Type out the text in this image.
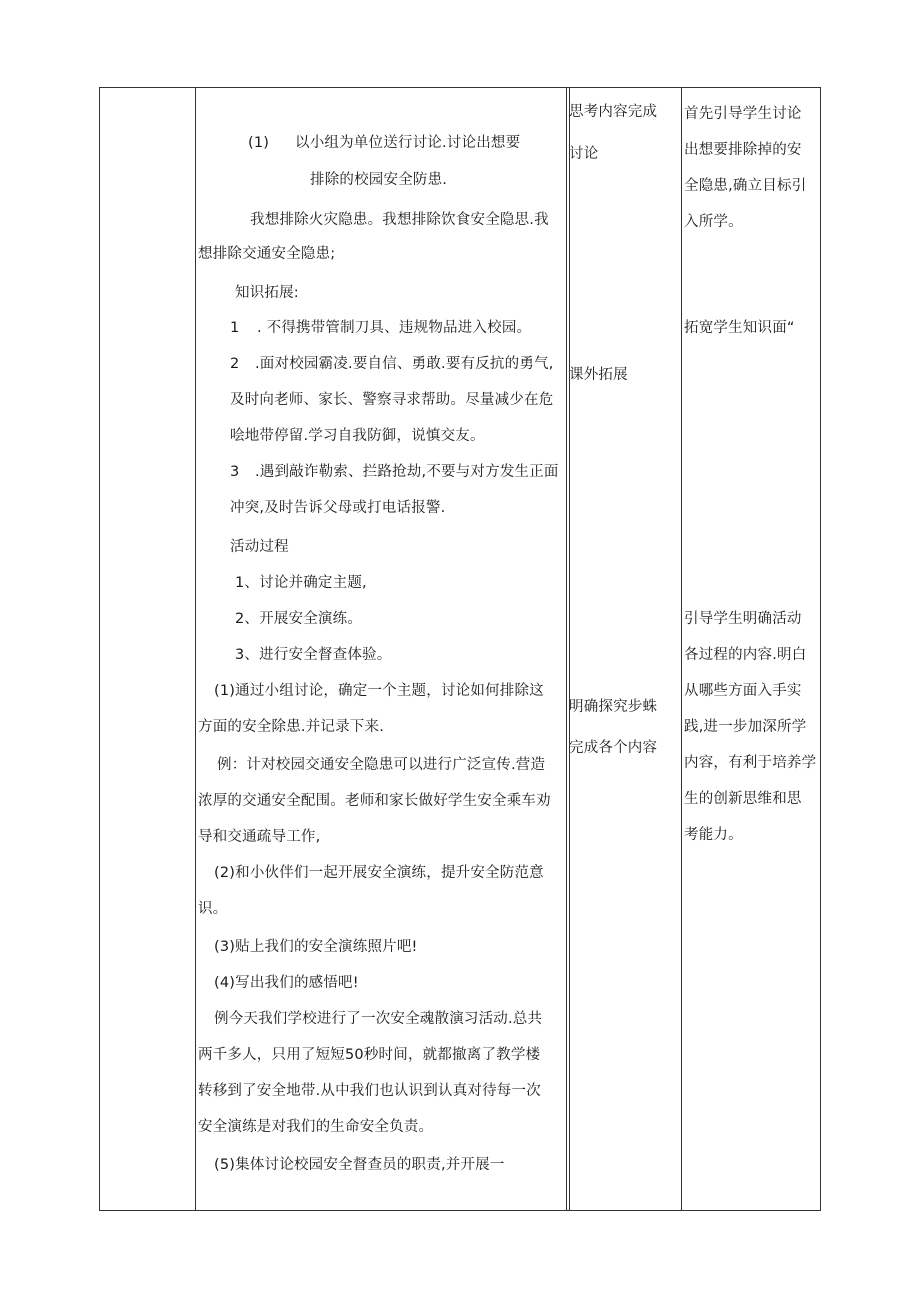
(1) 以小组为单位送行讨论.讨论出想要
排除的校园安全防患.
我想排除火灾隐患。我想排除饮食安全隐思.我
想排除交通安全隐患;
知识拓展:
1 . 不得携带管制刀具、违规物品进入校园。
2 .面对校园霸凌.要自信、勇敢.要有反抗的勇气,
及时向老师、家长、警察寻求帮助。尽量减少在危
哙地带停留.学习自我防御，说慎交友。
3 .遇到敲诈勒索、拦路抢劫,不要与对方发生正面
冲突,及时告诉父母或打电话报警.
活动过程
1、讨论并确定主题,
2、开展安全演练。
3、进行安全督查体验。
(1)通过小组讨论，确定一个主题，讨论如何排除这
方面的安全除患.并记录下来.
例：计对校园交通安全隐患可以进行广泛宣传.营造
浓厚的交通安全配围。老师和家长做好学生安全乘车劝
导和交通疏导工作,
(2)和小伙伴们一起开展安全演练，提升安全防范意
识。
(3)贴上我们的安全演练照片吧!
(4)写出我们的感悟吧!
例今天我们学校进行了一次安全魂散演习活动.总共
两千多人，只用了短短50秒时间，就都撤离了教学楼
转移到了安全地带.从中我们也认识到认真对待每一次
安全演练是对我们的生命安全负责。
(5)集体讨论校园安全督查员的职责,并开展一
思考内容完成
讨论
课外拓展
明确探究步蛛
完成各个内容
首先引导学生讨论
出想要排除掉的安
全隐患,确立目标引
入所学。
拓宽学生知识面“
引导学生明确活动
各过程的内容.明白
从哪些方面入手实
践,进一步加深所学
内容，有利于培养学
生的创新思维和思
考能力。
